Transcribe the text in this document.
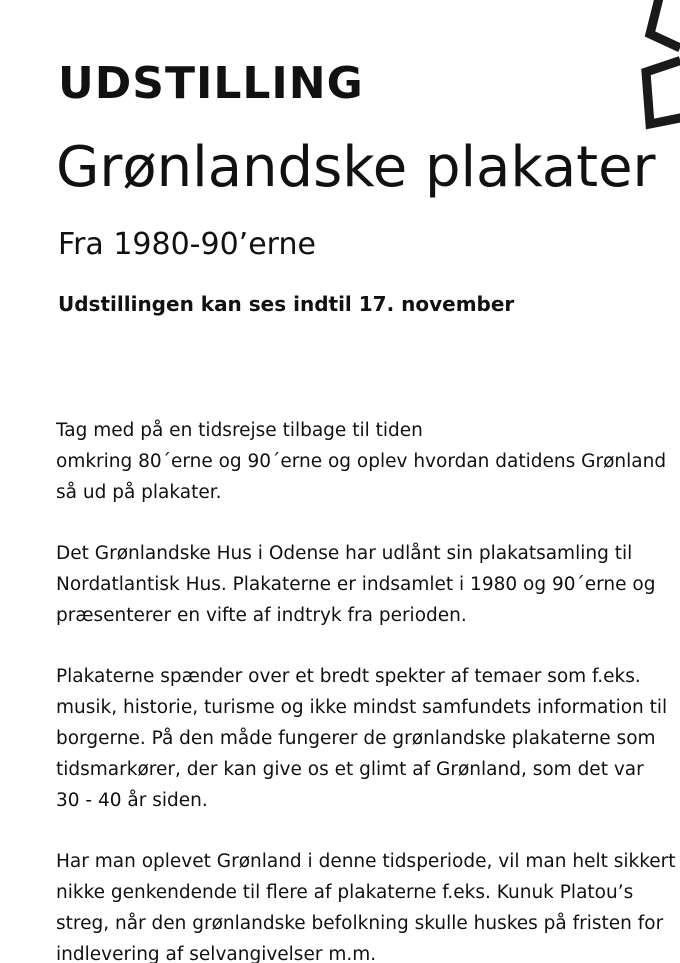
UDSTILLING
Grønlandske plakater
Fra 1980-90’erne
Udstillingen kan ses indtil 17. november
Tag med på en tidsrejse tilbage til tiden
omkring 80´erne og 90´erne og oplev hvordan datidens Grønland
så ud på plakater.
Det Grønlandske Hus i Odense har udlånt sin plakatsamling til
Nordatlantisk Hus. Plakaterne er indsamlet i 1980 og 90´erne og
præsenterer en vifte af indtryk fra perioden.
Plakaterne spænder over et bredt spekter af temaer som f.eks.
musik, historie, turisme og ikke mindst samfundets information til
borgerne. På den måde fungerer de grønlandske plakaterne som
tidsmarkører, der kan give os et glimt af Grønland, som det var
30 - 40 år siden.
Har man oplevet Grønland i denne tidsperiode, vil man helt sikkert
nikke genkendende til flere af plakaterne f.eks. Kunuk Platou’s
streg, når den grønlandske befolkning skulle huskes på fristen for
indlevering af selvangivelser m.m.
